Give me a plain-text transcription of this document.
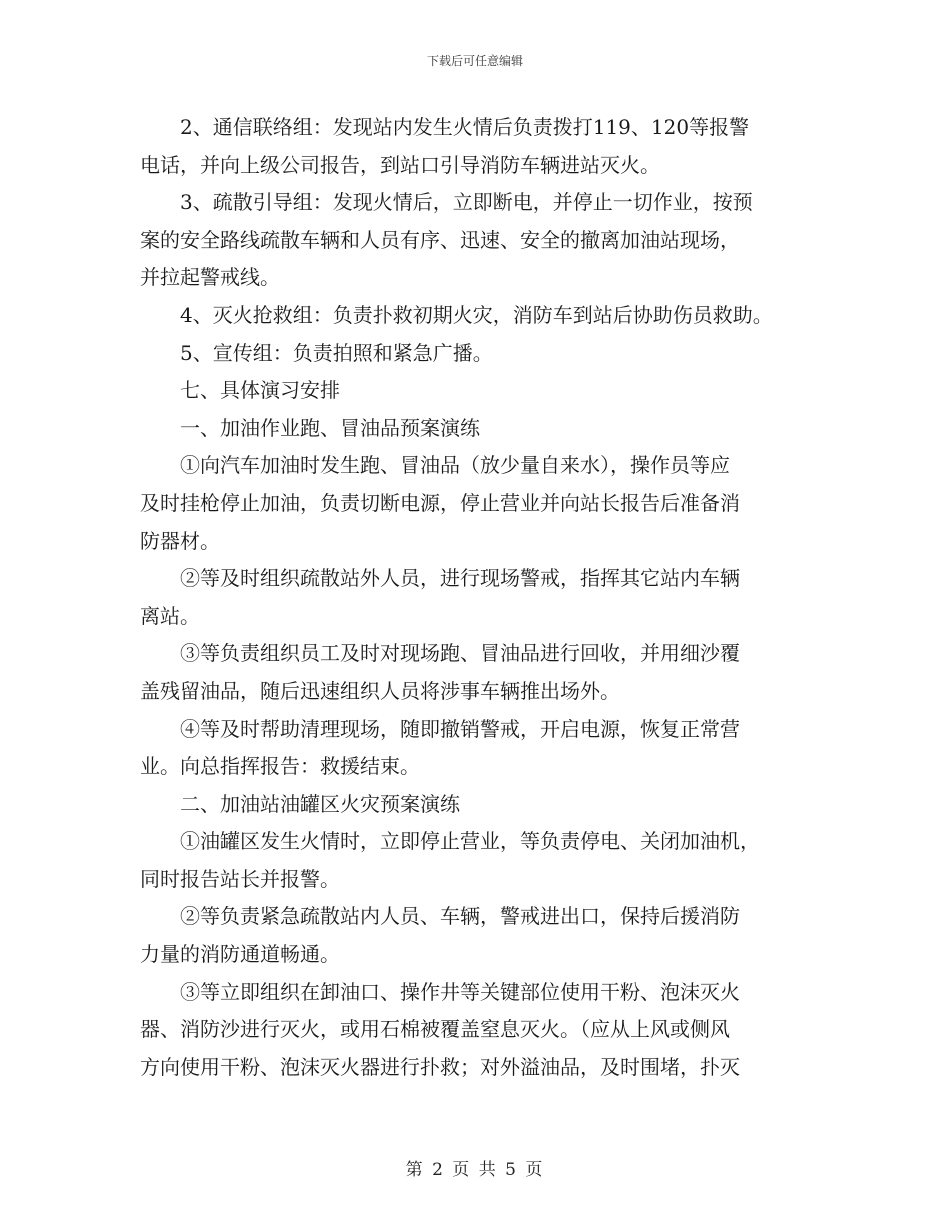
下载后可任意编辑

2、通信联络组：发现站内发生火情后负责拨打119、120等报警
电话，并向上级公司报告，到站口引导消防车辆进站灭火。

3、疏散引导组：发现火情后，立即断电，并停止一切作业，按预
案的安全路线疏散车辆和人员有序、迅速、安全的撤离加油站现场，
并拉起警戒线。

4、灭火抢救组：负责扑救初期火灾，消防车到站后协助伤员救助。

5、宣传组：负责拍照和紧急广播。

七、具体演习安排

一、加油作业跑、冒油品预案演练

①向汽车加油时发生跑、冒油品（放少量自来水），操作员等应
及时挂枪停止加油，负责切断电源，停止营业并向站长报告后准备消
防器材。

②等及时组织疏散站外人员，进行现场警戒，指挥其它站内车辆
离站。

③等负责组织员工及时对现场跑、冒油品进行回收，并用细沙覆
盖残留油品，随后迅速组织人员将涉事车辆推出场外。

④等及时帮助清理现场，随即撤销警戒，开启电源，恢复正常营
业。向总指挥报告：救援结束。

二、加油站油罐区火灾预案演练

①油罐区发生火情时，立即停止营业，等负责停电、关闭加油机，
同时报告站长并报警。

②等负责紧急疏散站内人员、车辆，警戒进出口，保持后援消防
力量的消防通道畅通。

③等立即组织在卸油口、操作井等关键部位使用干粉、泡沫灭火
器、消防沙进行灭火，或用石棉被覆盖窒息灭火。（应从上风或侧风
方向使用干粉、泡沫灭火器进行扑救；对外溢油品，及时围堵，扑灭

第 2 页 共 5 页
